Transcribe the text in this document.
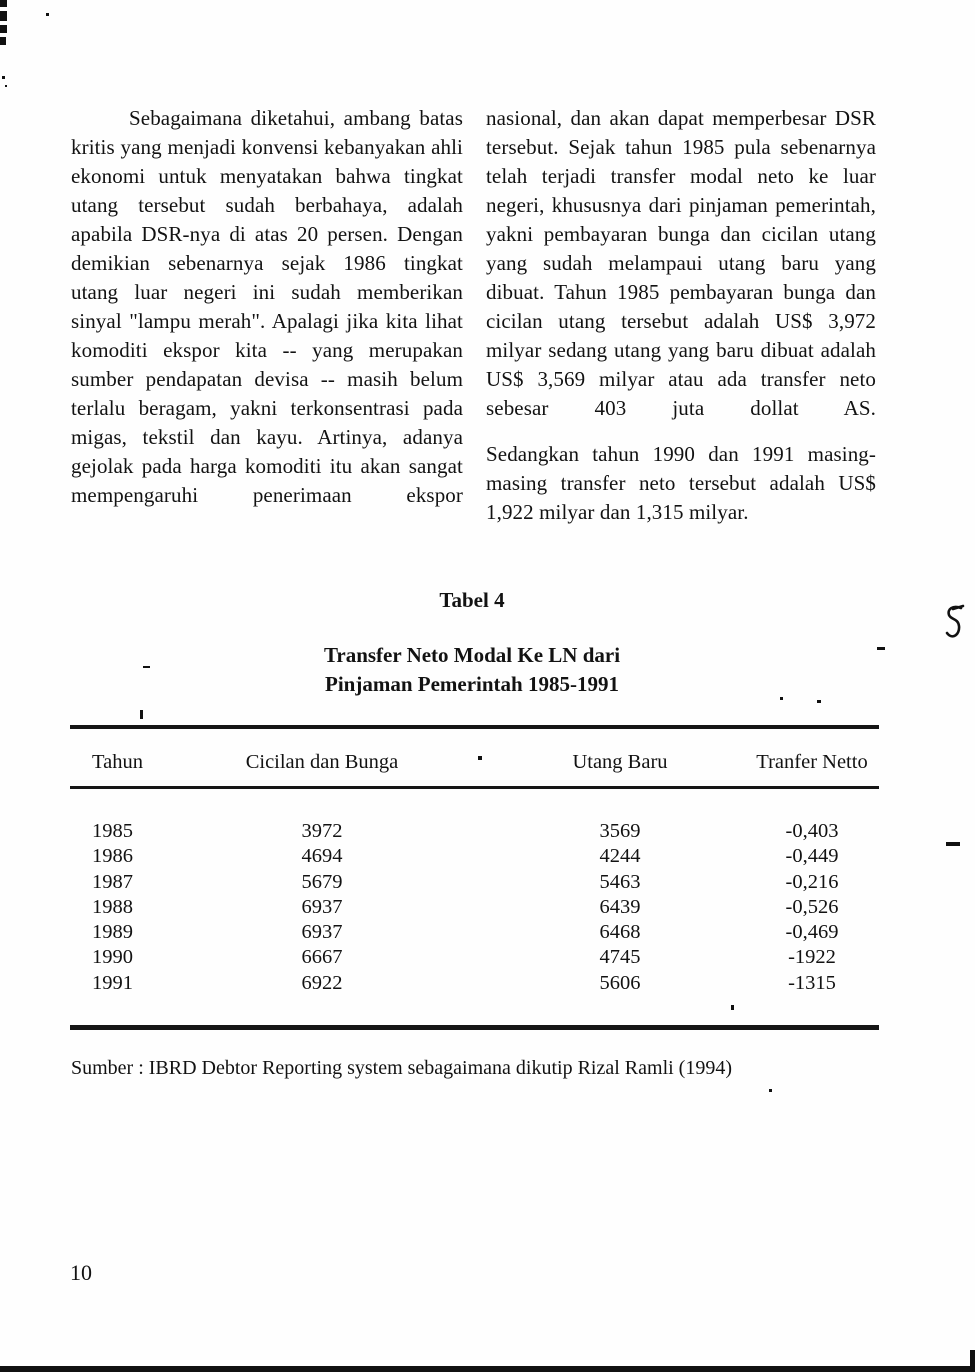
Sebagaimana diketahui, ambang batas kritis yang menjadi konvensi kebanyakan ahli ekonomi untuk menyatakan bahwa tingkat utang tersebut sudah berbahaya, adalah apabila DSR-nya di atas 20 persen. Dengan demikian sebenarnya sejak 1986 tingkat utang luar negeri ini sudah memberikan sinyal "lampu merah". Apalagi jika kita lihat komoditi ekspor kita -- yang merupakan sumber pendapatan devisa -- masih belum terlalu beragam, yakni terkonsentrasi pada migas, tekstil dan kayu. Artinya, adanya gejolak pada harga komoditi itu akan sangat mempengaruhi penerimaan ekspor

nasional, dan akan dapat memperbesar DSR tersebut. Sejak tahun 1985 pula sebenarnya telah terjadi transfer modal neto ke luar negeri, khususnya dari pinjaman pemerintah, yakni pembayaran bunga dan cicilan utang yang sudah melampaui utang baru yang dibuat. Tahun 1985 pembayaran bunga dan cicilan utang tersebut adalah US$ 3,972 milyar sedang utang yang baru dibuat adalah US$ 3,569 milyar atau ada transfer neto sebesar 403 juta dollat AS.

Sedangkan tahun 1990 dan 1991 masing-masing transfer neto tersebut adalah US$ 1,922 milyar dan 1,315 milyar.

Tabel 4
Transfer Neto Modal Ke LN dari
Pinjaman Pemerintah 1985-1991
Tahun	Cicilan dan Bunga	Utang Baru	Tranfer Netto
1985	3972	3569	-0,403
1986	4694	4244	-0,449
1987	5679	5463	-0,216
1988	6937	6439	-0,526
1989	6937	6468	-0,469
1990	6667	4745	-1922
1991	6922	5606	-1315
Sumber : IBRD Debtor Reporting system sebagaimana dikutip Rizal Ramli (1994)
10
